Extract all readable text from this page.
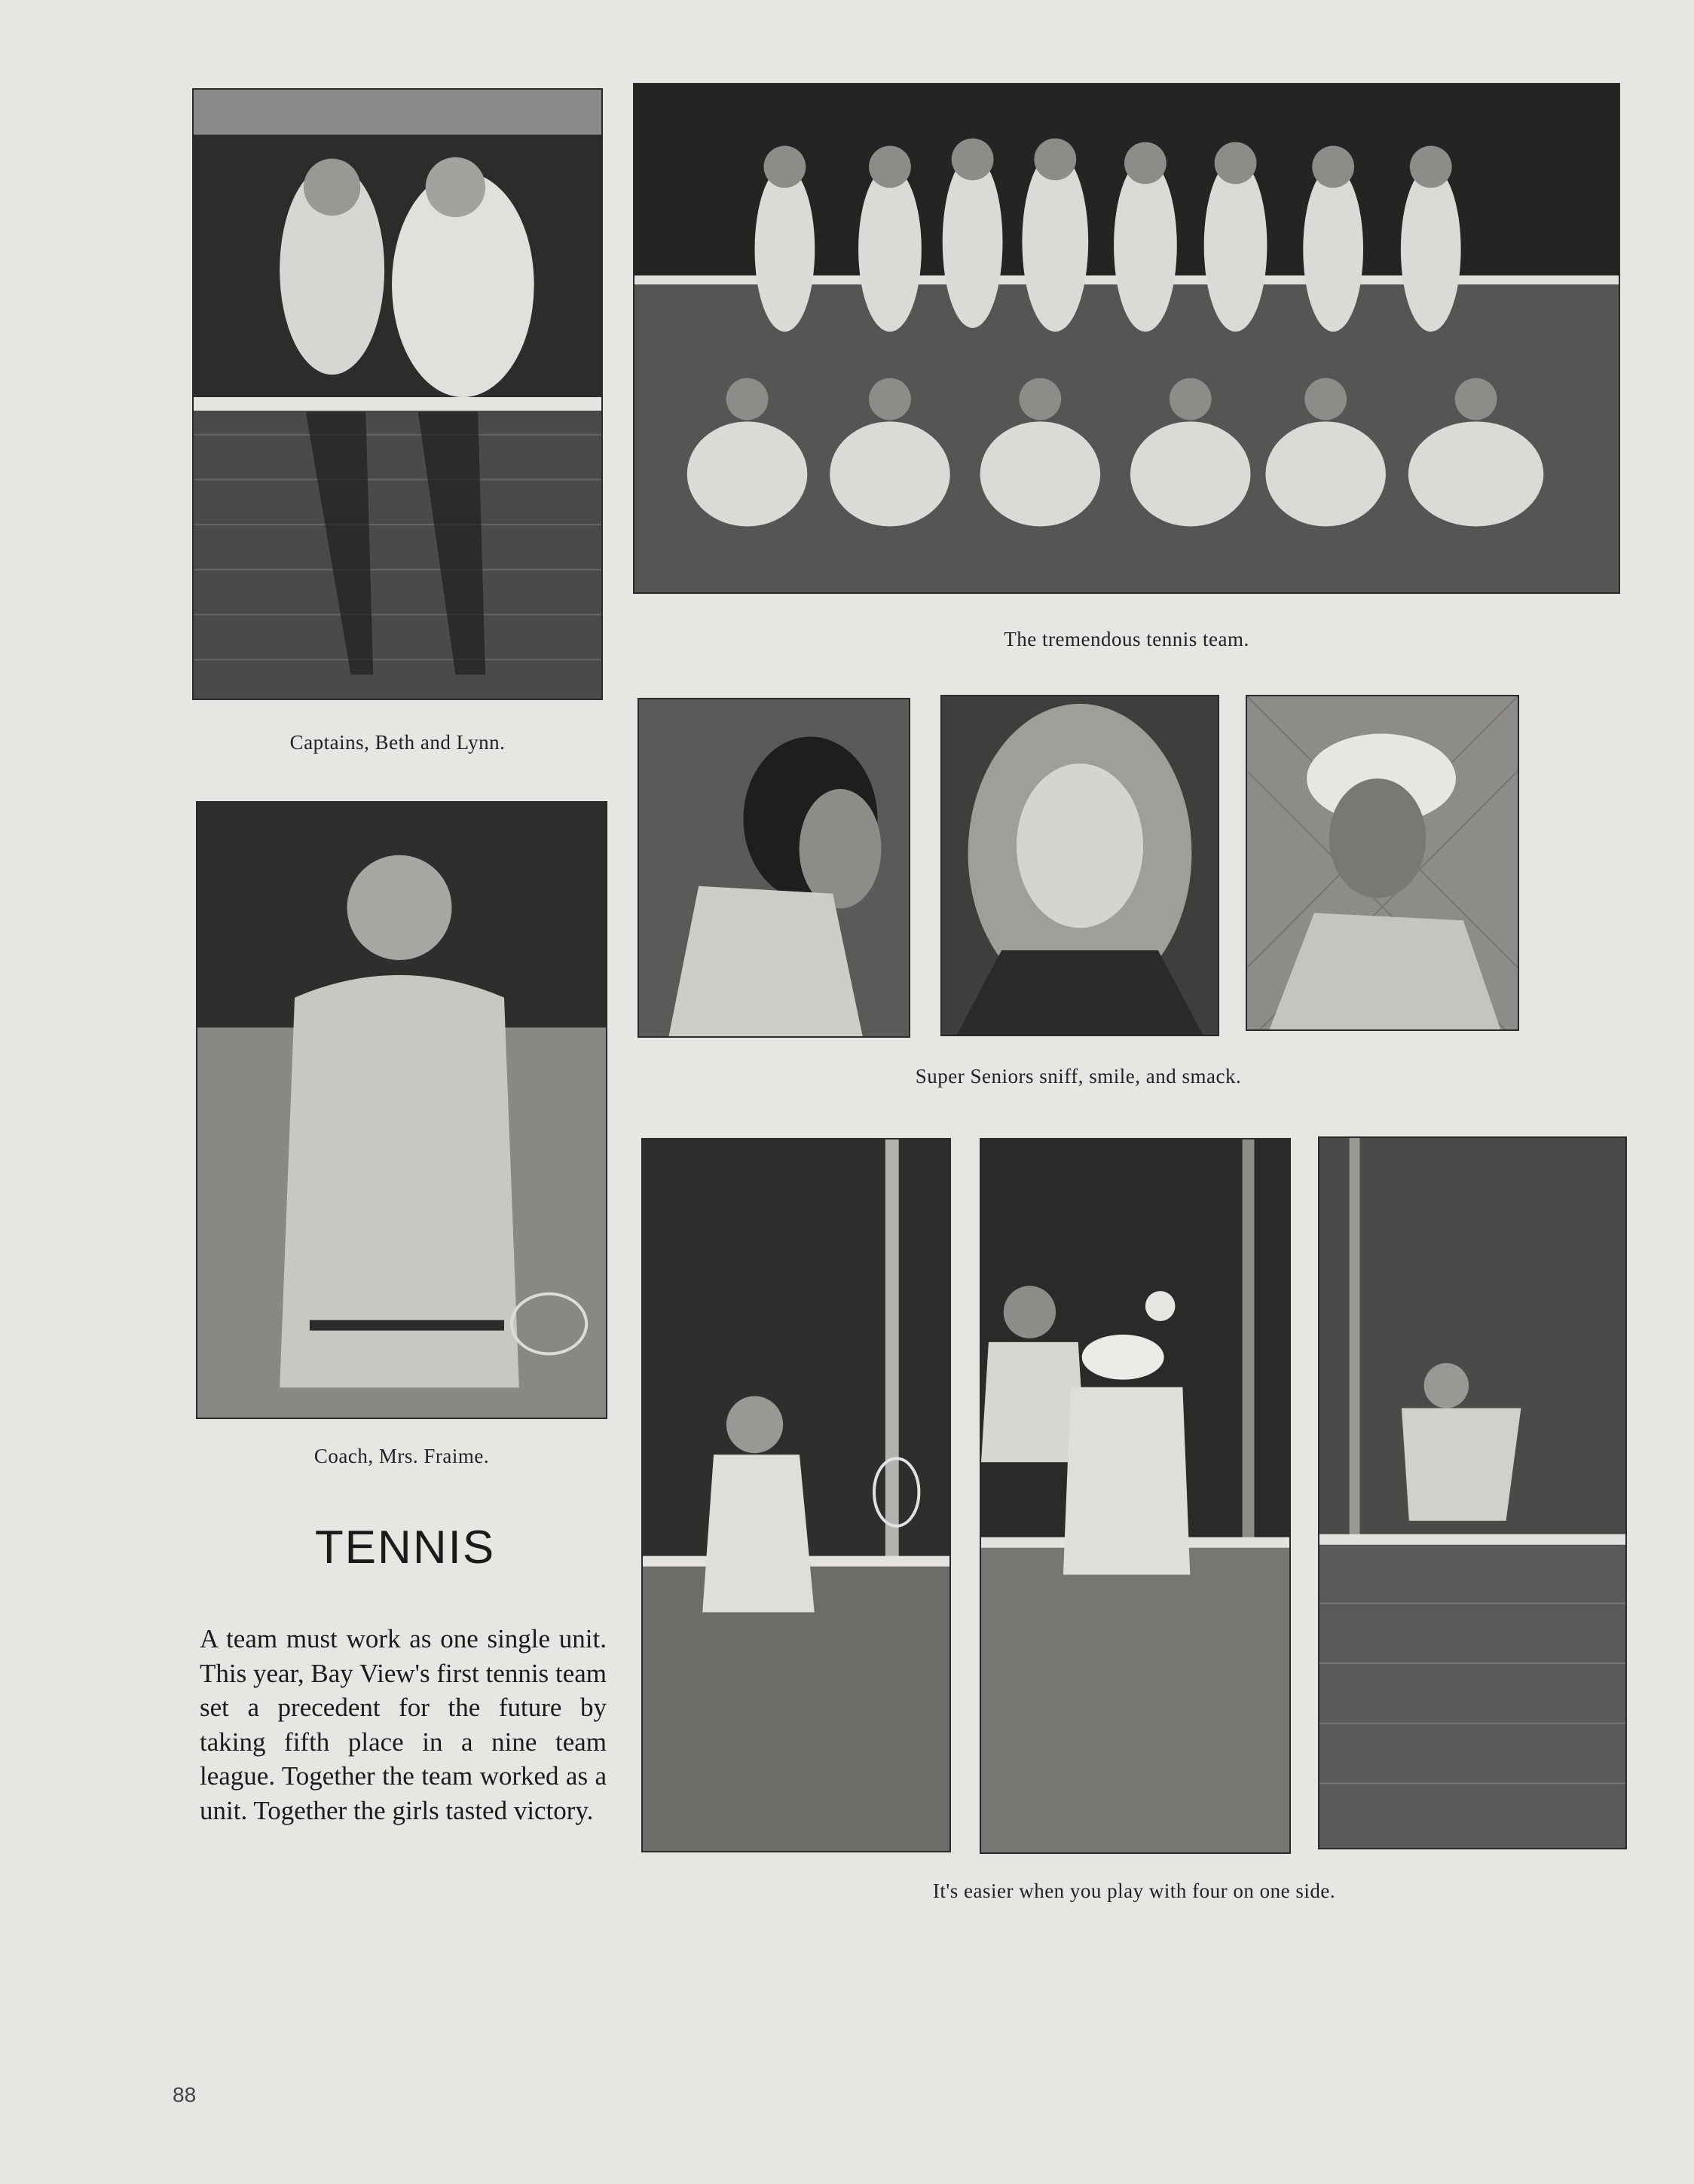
Captains, Beth and Lynn.
The tremendous tennis team.
Coach, Mrs. Fraime.
Super Seniors sniff, smile, and smack.
It's easier when you play with four on one side.
TENNIS
A team must work as one single unit. This year, Bay View's first tennis team set a precedent for the future by taking fifth place in a nine team league. Together the team worked as a unit. Together the girls tasted victory.
88
